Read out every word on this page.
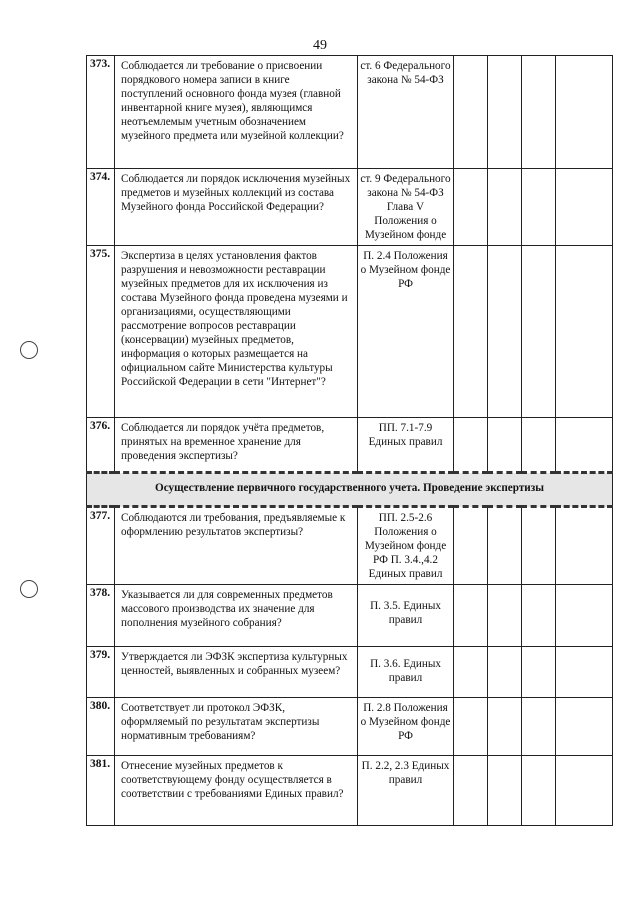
49
373.	Соблюдается ли требование о присвоении порядкового номера записи в книге поступлений основного фонда музея (главной инвентарной книге музея), являющимся неотъемлемым учетным обозначением музейного предмета или музейной коллекции?	ст. 6 Федерального закона № 54-ФЗ				
374.	Соблюдается ли порядок исключения музейных предметов и музейных коллекций из состава Музейного фонда Российской Федерации?	ст. 9 Федерального закона № 54-ФЗ Глава V Положения о Музейном фонде				
375.	Экспертиза в целях установления фактов разрушения и невозможности реставрации музейных предметов для их исключения из состава Музейного фонда проведена музеями и организациями, осуществляющими рассмотрение вопросов реставрации (консервации) музейных предметов, информация о которых размещается на официальном сайте Министерства культуры Российской Федерации в сети "Интернет"?	П. 2.4 Положения о Музейном фонде РФ				
376.	Соблюдается ли порядок учёта предметов, принятых на временное хранение для проведения экспертизы?	ПП. 7.1-7.9 Единых правил				
Осуществление первичного государственного учета. Проведение экспертизы						
377.	Соблюдаются ли требования, предъявляемые к оформлению результатов экспертизы?	ПП. 2.5-2.6 Положения о Музейном фонде РФ П. 3.4.,4.2 Единых правил				
378.	Указывается ли для современных предметов массового производства их значение для пополнения музейного собрания?	П. 3.5. Единых правил				
379.	Утверждается ли ЭФЗК экспертиза культурных ценностей, выявленных и собранных музеем?	П. 3.6. Единых правил				
380.	Соответствует ли протокол ЭФЗК, оформляемый по результатам экспертизы нормативным требованиям?	П. 2.8 Положения о Музейном фонде РФ				
381.	Отнесение музейных предметов к соответствующему фонду осуществляется в соответствии с требованиями Единых правил?	П. 2.2, 2.3 Единых правил				
